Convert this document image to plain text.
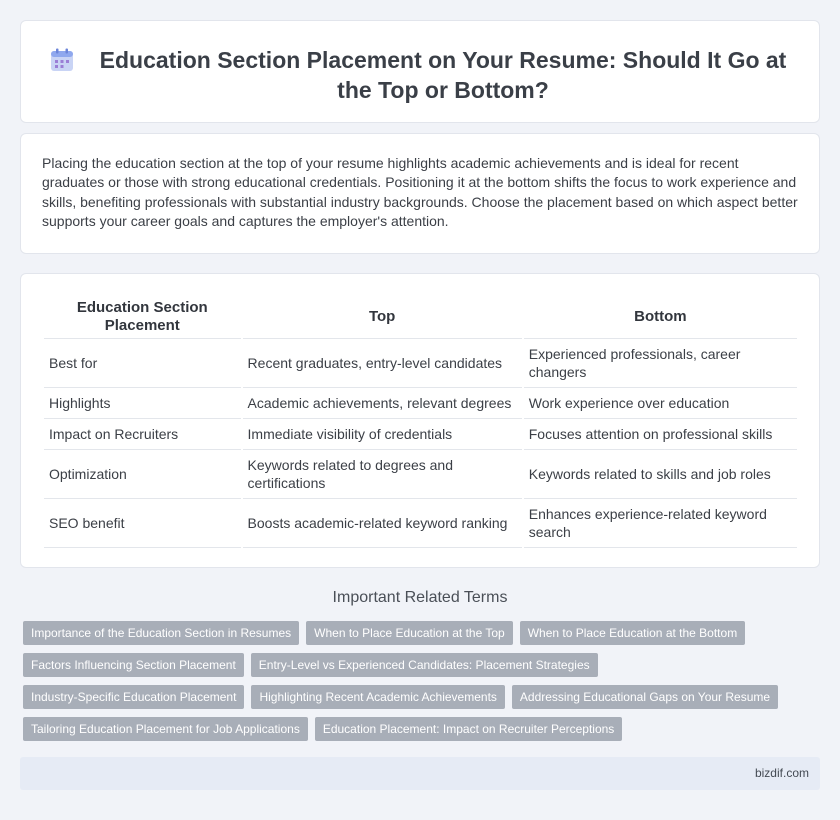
Education Section Placement on Your Resume: Should It Go at the Top or Bottom?

Placing the education section at the top of your resume highlights academic achievements and is ideal for recent graduates or those with strong educational credentials. Positioning it at the bottom shifts the focus to work experience and skills, benefiting professionals with substantial industry backgrounds. Choose the placement based on which aspect better supports your career goals and captures the employer's attention.

Education Section Placement	Top	Bottom
Best for	Recent graduates, entry-level candidates	Experienced professionals, career changers
Highlights	Academic achievements, relevant degrees	Work experience over education
Impact on Recruiters	Immediate visibility of credentials	Focuses attention on professional skills
Optimization	Keywords related to degrees and certifications	Keywords related to skills and job roles
SEO benefit	Boosts academic-related keyword ranking	Enhances experience-related keyword search
Important Related Terms
Importance of the Education Section in Resumes	When to Place Education at the Top	When to Place Education at the Bottom
Factors Influencing Section Placement	Entry-Level vs Experienced Candidates: Placement Strategies
Industry-Specific Education Placement	Highlighting Recent Academic Achievements	Addressing Educational Gaps on Your Resume
Tailoring Education Placement for Job Applications	Education Placement: Impact on Recruiter Perceptions
bizdif.com
